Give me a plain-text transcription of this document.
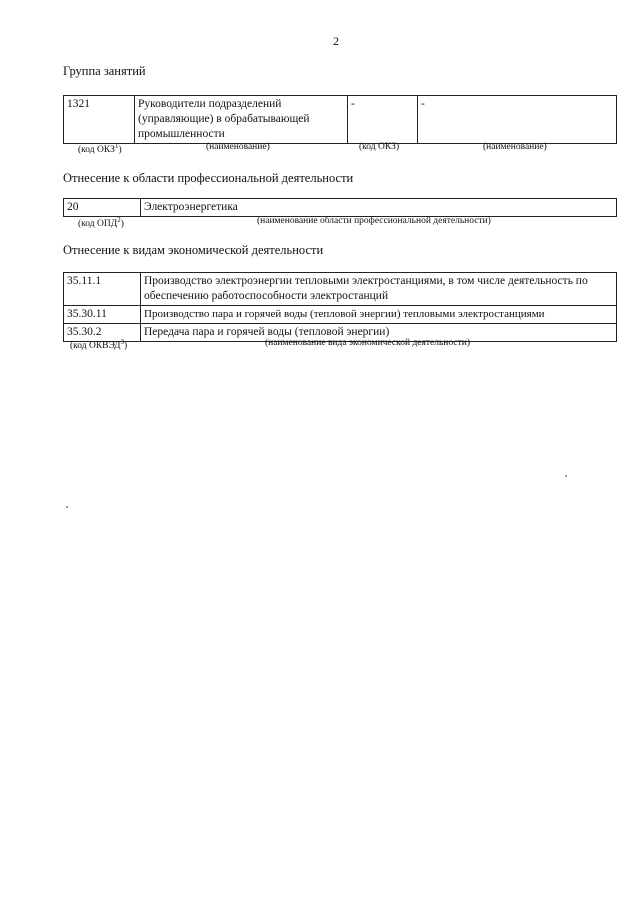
2
Группа занятий
1321	Руководители подразделений (управляющие) в обрабатывающей промышленности	-	-
(код ОКЗ$^1$)	(наименование)	(код ОКЗ)	(наименование)
Отнесение к области профессиональной деятельности
20	Электроэнергетика
(код ОПД$^2$)	(наименование области профессиональной деятельности)
Отнесение к видам экономической деятельности
35.11.1	Производство электроэнергии тепловыми электростанциями, в том числе деятельность по обеспечению работоспособности электростанций
35.30.11	Производство пара и горячей воды (тепловой энергии) тепловыми электростанциями
35.30.2	Передача пара и горячей воды (тепловой энергии)
(код ОКВЭД$^3$)	(наименование вида экономической деятельности)
